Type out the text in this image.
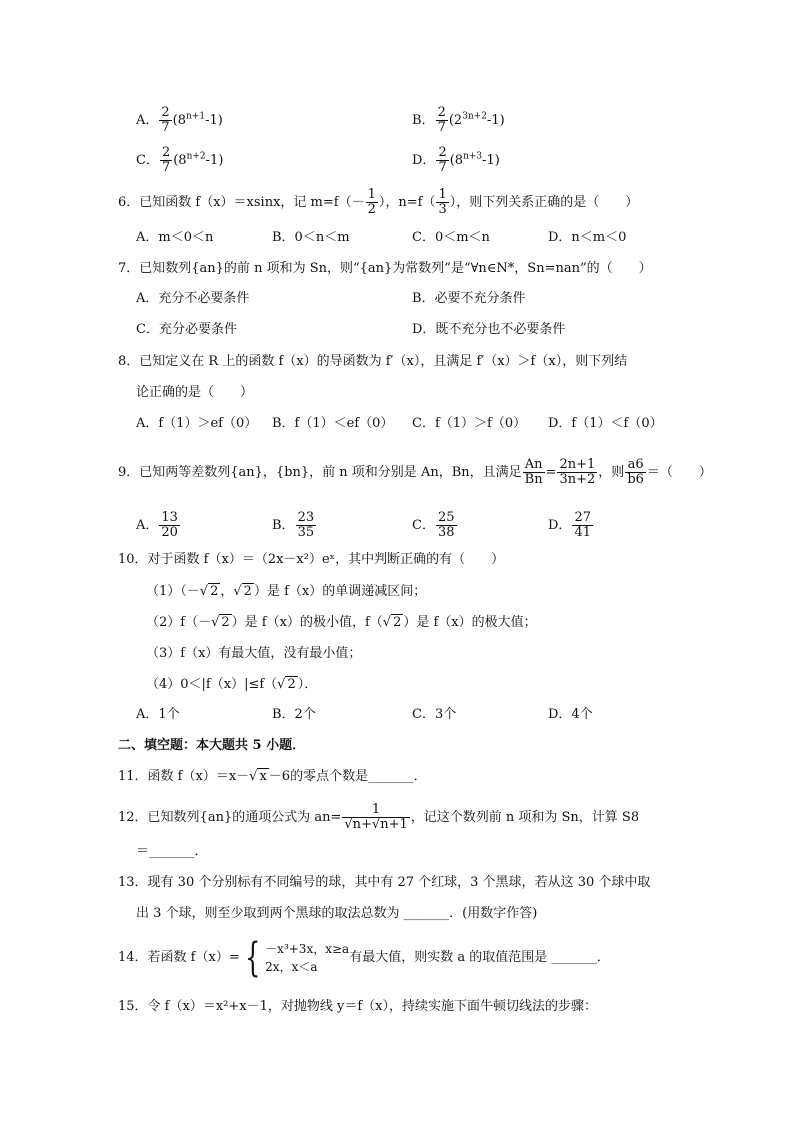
A． $\frac{2}{7} (8^{n+1}-1)$	B． $\frac{2}{7} (2^{3n+2}-1)$
C． $\frac{2}{7} (8^{n+2}-1)$	D． $\frac{2}{7} (8^{n+3}-1)$
6．已知函数 f（x）＝xsinx，记 $m=f(- \frac{1}{2}$ ），$n=f( \frac{1}{3}$ ），则下列关系正确的是（　　）
A．m＜0＜n	B．0＜n＜m	C．0＜m＜n	D．n＜m＜0
7．已知数列{an}的前 n 项和为 Sn，则“{an}为常数列”是“∀n∈N*，Sn=nan”的（　　）
A．充分不必要条件	B．必要不充分条件
C．充分必要条件	D．既不充分也不必要条件
8．已知定义在 R 上的函数 f（x）的导函数为 f′（x），且满足 f′（x）＞f（x），则下列结
论正确的是（　　）
A．f（1）＞ef（0） B．f（1）＜ef（0） C．f（1）＞f（0） D．f（1）＜f（0）
9．已知两等差数列{an}，{bn}，前 n 项和分别是 An，Bn，且满足 $\frac{An}{Bn} = \frac{2n+1}{3n+2}$ ，则 $\frac{a6}{b6}$ ＝（　　）
A． $\frac{13}{20}$	B． $\frac{23}{35}$	C． $\frac{25}{38}$	D． $\frac{27}{41}$
10．对于函数 f（x）＝（2x－x²）eˣ，其中判断正确的有（　　）
（1）（－√ 2 ，√ 2 ）是 f（x）的单调递减区间；
（2）f（－√ 2 ）是 f（x）的极小值，f（√ 2 ）是 f（x）的极大值；
（3）f（x）有最大值，没有最小值；
（4）0＜|f（x）|≤f（√ 2 ）．
A．1个	B．2个	C．3个	D．4个
二、填空题：本大题共 5 小题．
11．函数 f（x）＝x－√ x －6的零点个数是_______．
12．已知数列{an}的通项公式为 $an= \frac{1}{√n+√n+1}$ ，记这个数列前 n 项和为 Sn，计算 S8
＝_______．
13．现有 30 个分别标有不同编号的球，其中有 27 个红球，3 个黑球，若从这 30 个球中取
出 3 个球，则至少取到两个黑球的取法总数为 _______．(用数字作答)
14．若函数 f（x）= { －x³+3x，x≥a
2x，x＜a
有最大值，则实数 a 的取值范围是 _______．
15．令 f（x）＝x²+x－1，对抛物线 y＝f（x），持续实施下面牛顿切线法的步骤：
